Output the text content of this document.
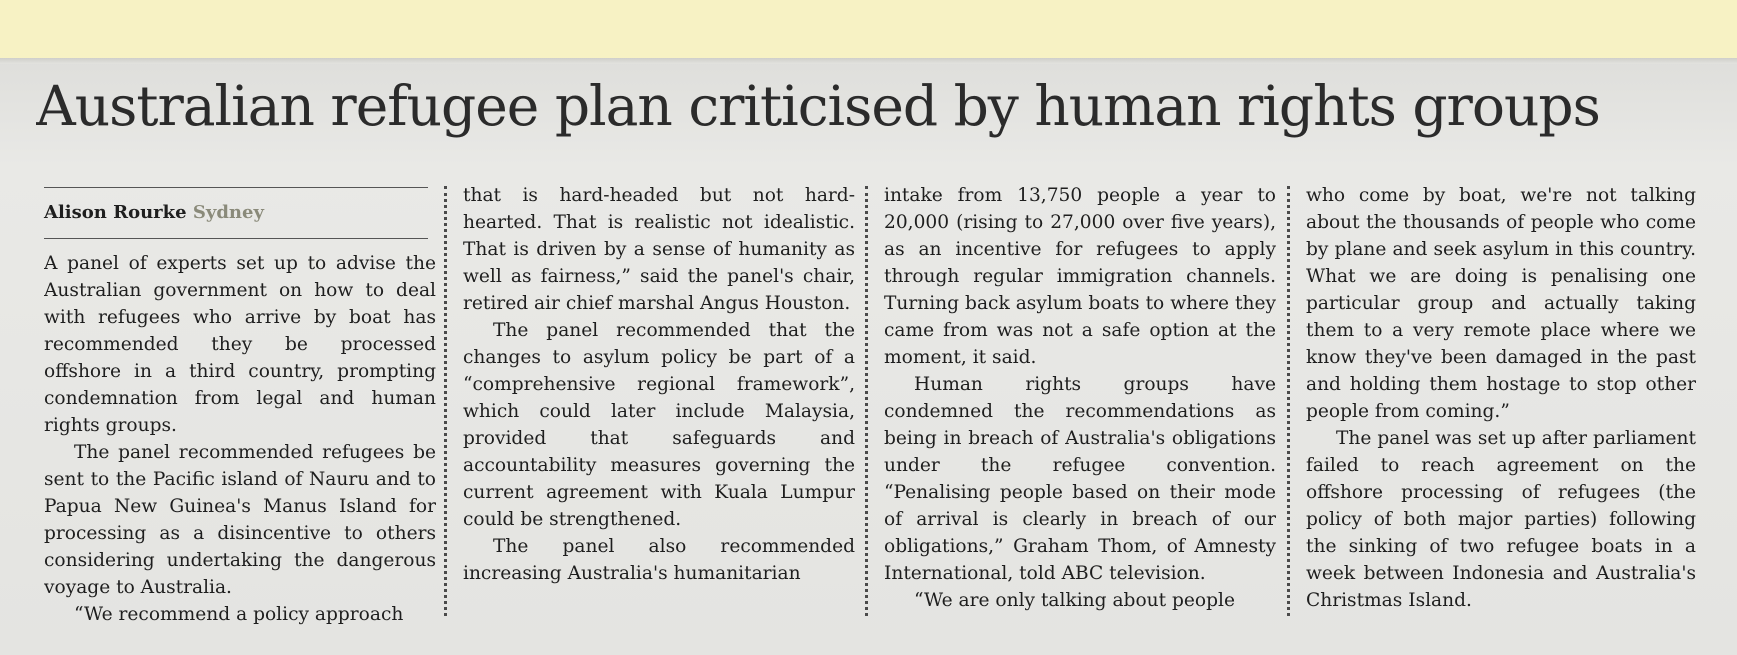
Australian refugee plan criticised by human rights groups
Alison Rourke Sydney

A panel of experts set up to advise the Australian government on how to deal with refugees who arrive by boat has recommended they be processed offshore in a third country, prompting condemnation from legal and human rights groups.

The panel recommended refugees be sent to the Pacific island of Nauru and to Papua New Guinea's Manus Island for processing as a disincentive to others considering undertaking the dangerous voyage to Australia.

“We recommend a policy approach

that is hard-headed but not hard-hearted. That is realistic not idealistic. That is driven by a sense of humanity as well as fairness,” said the panel's chair, retired air chief marshal Angus Houston.

The panel recommended that the changes to asylum policy be part of a “comprehensive regional framework”, which could later include Malaysia, provided that safeguards and accountability measures governing the current agreement with Kuala Lumpur could be strengthened.

The panel also recommended increasing Australia's humanitarian

intake from 13,750 people a year to 20,000 (rising to 27,000 over five years), as an incentive for refugees to apply through regular immigration channels. Turning back asylum boats to where they came from was not a safe option at the moment, it said.

Human rights groups have condemned the recommendations as being in breach of Australia's obligations under the refugee convention. “Penalising people based on their mode of arrival is clearly in breach of our obligations,” Graham Thom, of Amnesty International, told ABC television.

“We are only talking about people

who come by boat, we're not talking about the thousands of people who come by plane and seek asylum in this country. What we are doing is penalising one particular group and actually taking them to a very remote place where we know they've been damaged in the past and holding them hostage to stop other people from coming.”

The panel was set up after parliament failed to reach agreement on the offshore processing of refugees (the policy of both major parties) following the sinking of two refugee boats in a week between Indonesia and Australia's Christmas Island.
